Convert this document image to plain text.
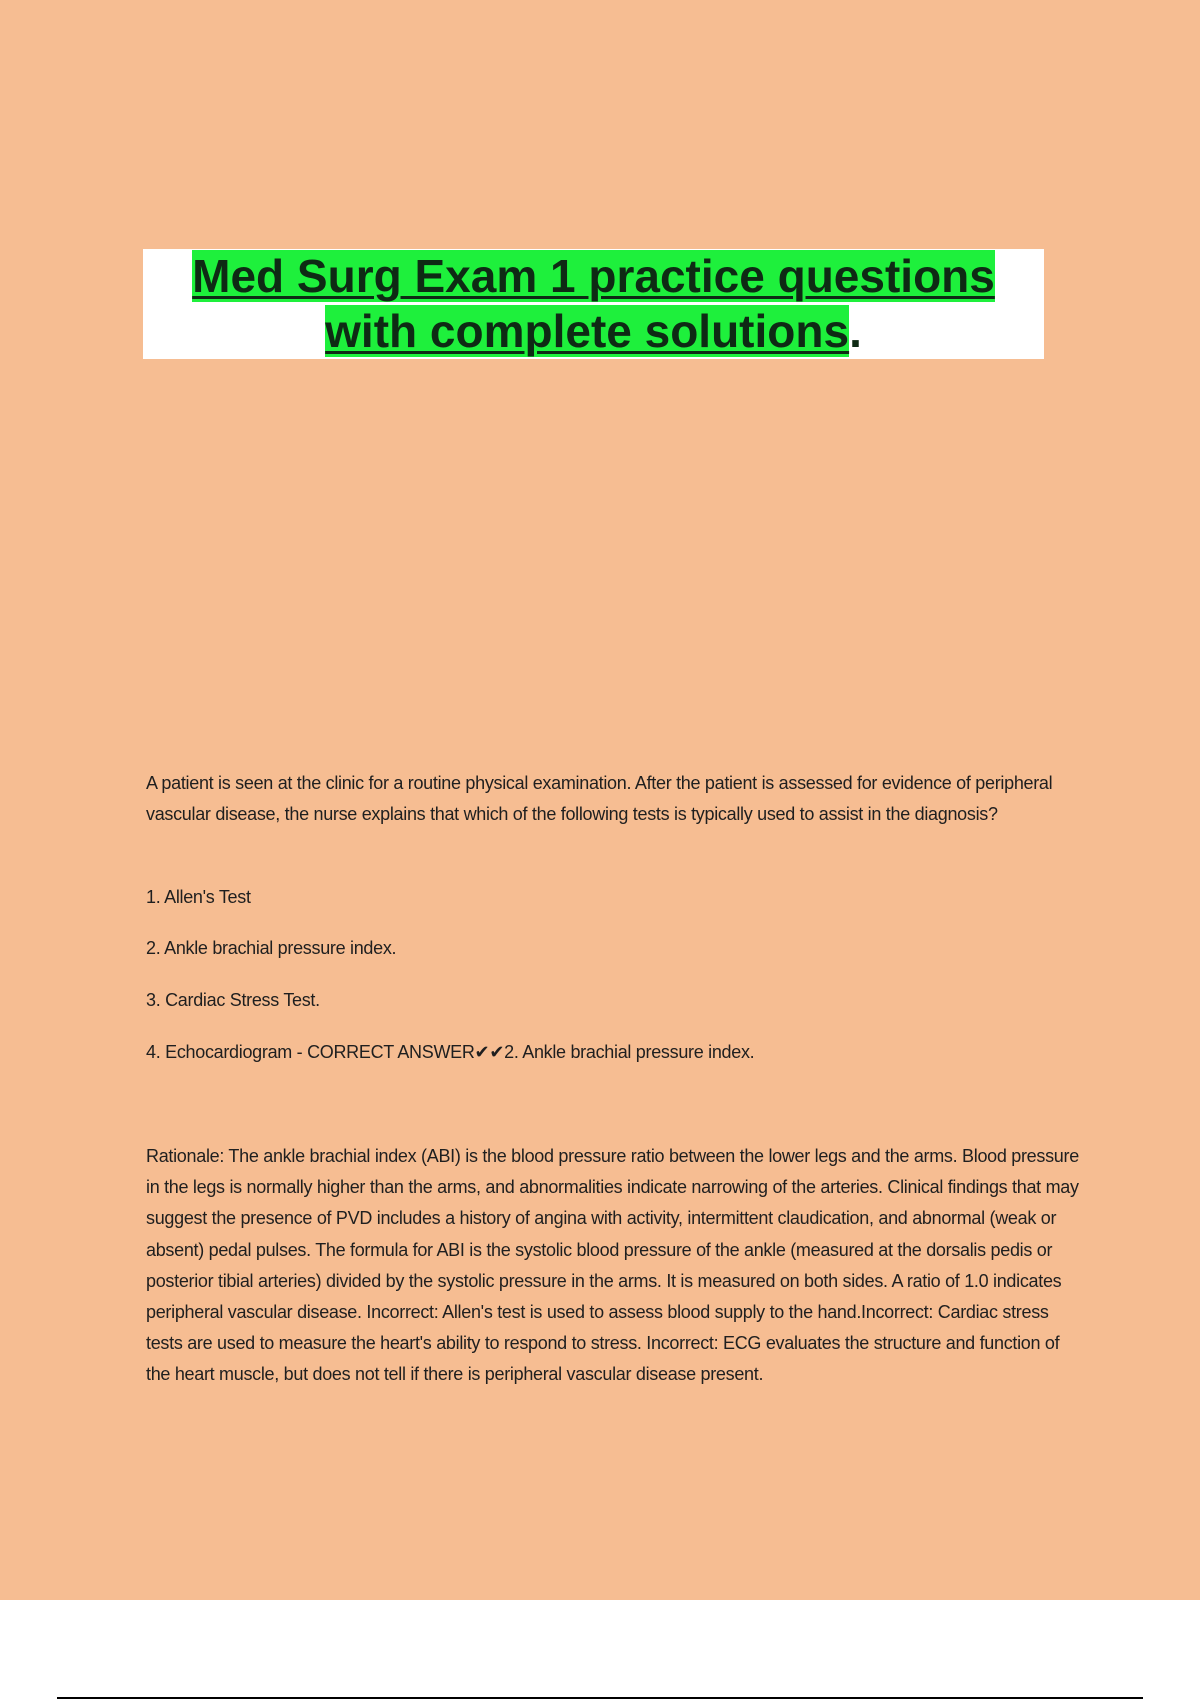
Med Surg Exam 1 practice questions
with complete solutions.
A patient is seen at the clinic for a routine physical examination. After the patient is assessed for evidence of peripheral vascular disease, the nurse explains that which of the following tests is typically used to assist in the diagnosis?
1. Allen's Test
2. Ankle brachial pressure index.
3. Cardiac Stress Test.
4. Echocardiogram - CORRECT ANSWER✔✔2. Ankle brachial pressure index.
Rationale: The ankle brachial index (ABI) is the blood pressure ratio between the lower legs and the arms. Blood pressure in the legs is normally higher than the arms, and abnormalities indicate narrowing of the arteries. Clinical findings that may suggest the presence of PVD includes a history of angina with activity, intermittent claudication, and abnormal (weak or absent) pedal pulses. The formula for ABI is the systolic blood pressure of the ankle (measured at the dorsalis pedis or posterior tibial arteries) divided by the systolic pressure in the arms. It is measured on both sides. A ratio of 1.0 indicates peripheral vascular disease. Incorrect: Allen's test is used to assess blood supply to the hand.Incorrect: Cardiac stress tests are used to measure the heart's ability to respond to stress. Incorrect: ECG evaluates the structure and function of the heart muscle, but does not tell if there is peripheral vascular disease present.
